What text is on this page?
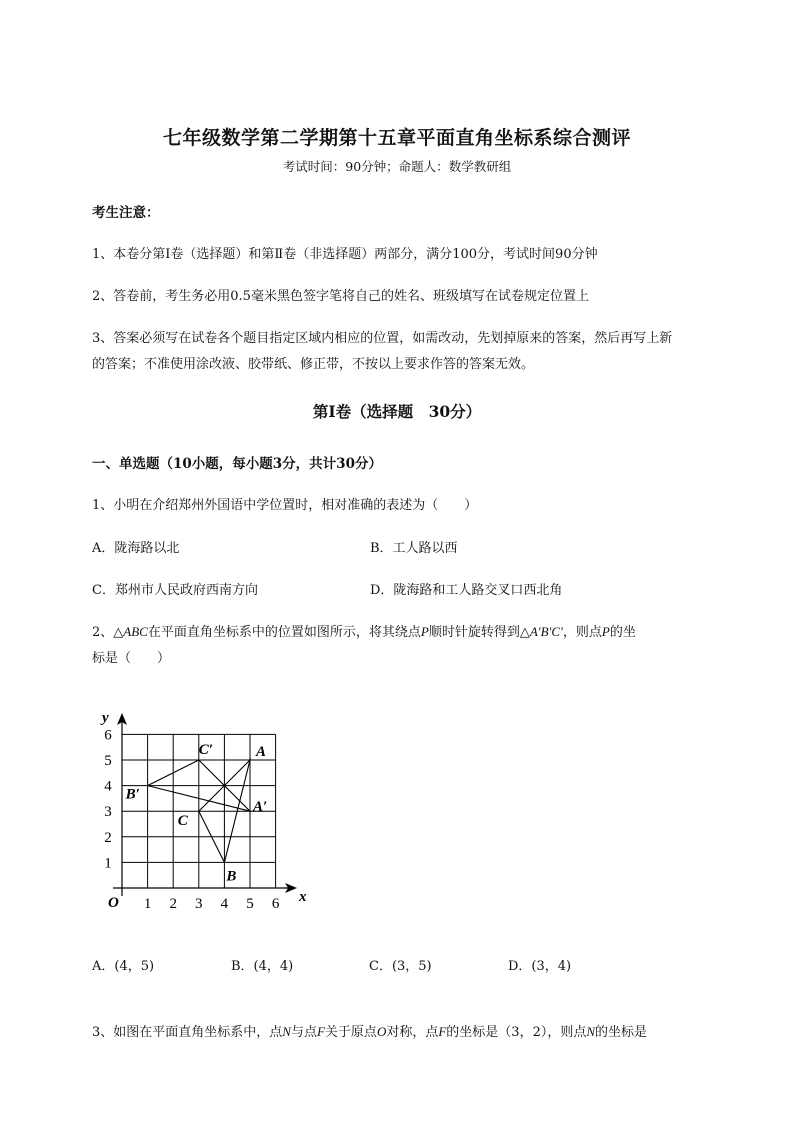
七年级数学第二学期第十五章平面直角坐标系综合测评
考试时间：90分钟；命题人：数学教研组
考生注意：
1、本卷分第Ⅰ卷（选择题）和第Ⅱ卷（非选择题）两部分，满分100分，考试时间90分钟
2、答卷前，考生务必用0.5毫米黑色签字笔将自己的姓名、班级填写在试卷规定位置上
3、答案必须写在试卷各个题目指定区域内相应的位置，如需改动，先划掉原来的答案，然后再写上新
的答案；不准使用涂改液、胶带纸、修正带，不按以上要求作答的答案无效。
第Ⅰ卷（选择题　30分）
一、单选题（10小题，每小题3分，共计30分）
1、小明在介绍郑州外国语中学位置时，相对准确的表述为（　　）
A．陇海路以北	B．工人路以西
C．郑州市人民政府西南方向	D．陇海路和工人路交叉口西北角
2、△ABC在平面直角坐标系中的位置如图所示，将其绕点P顺时针旋转得到△A′B′C′，则点P的坐
标是（　　）
x
y
O 1 2 3 4 5 6
1
2
3
4
5
6
A
B
C
A′
B′
C′
A．(4，5)	B．(4，4)	C．(3，5)	D．(3，4)
3、如图在平面直角坐标系中，点N与点F关于原点O对称，点F的坐标是（3，2），则点N的坐标是
